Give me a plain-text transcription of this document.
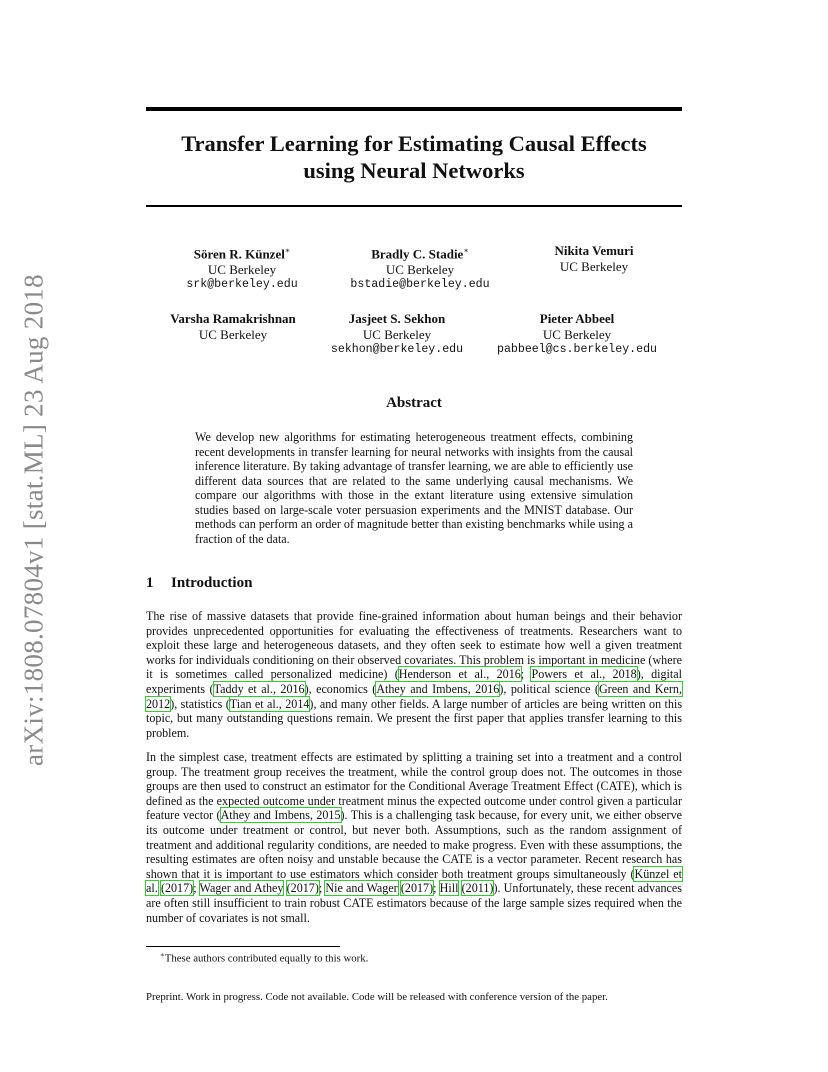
arXiv:1808.07804v1 [stat.ML] 23 Aug 2018
Transfer Learning for Estimating Causal Effects
using Neural Networks
Sören R. Künzel∗
UC Berkeley
srk@berkeley.edu
Bradly C. Stadie∗
UC Berkeley
bstadie@berkeley.edu
Nikita Vemuri
UC Berkeley
Varsha Ramakrishnan
UC Berkeley
Jasjeet S. Sekhon
UC Berkeley
sekhon@berkeley.edu
Pieter Abbeel
UC Berkeley
pabbeel@cs.berkeley.edu
Abstract

We develop new algorithms for estimating heterogeneous treatment effects, combining recent developments in transfer learning for neural networks with insights from the causal inference literature. By taking advantage of transfer learning, we are able to efficiently use different data sources that are related to the same underlying causal mechanisms. We compare our algorithms with those in the extant literature using extensive simulation studies based on large-scale voter persuasion experiments and the MNIST database. Our methods can perform an order of magnitude better than existing benchmarks while using a fraction of the data.

1 Introduction

The rise of massive datasets that provide fine-grained information about human beings and their behavior provides unprecedented opportunities for evaluating the effectiveness of treatments. Researchers want to exploit these large and heterogeneous datasets, and they often seek to estimate how well a given treatment works for individuals conditioning on their observed covariates. This problem is important in medicine (where it is sometimes called personalized medicine) (Henderson et al., 2016; Powers et al., 2018), digital experiments (Taddy et al., 2016), economics (Athey and Imbens, 2016), political science (Green and Kern, 2012), statistics (Tian et al., 2014), and many other fields. A large number of articles are being written on this topic, but many outstanding questions remain. We present the first paper that applies transfer learning to this problem.

In the simplest case, treatment effects are estimated by splitting a training set into a treatment and a control group. The treatment group receives the treatment, while the control group does not. The outcomes in those groups are then used to construct an estimator for the Conditional Average Treatment Effect (CATE), which is defined as the expected outcome under treatment minus the expected outcome under control given a particular feature vector (Athey and Imbens, 2015). This is a challenging task because, for every unit, we either observe its outcome under treatment or control, but never both. Assumptions, such as the random assignment of treatment and additional regularity conditions, are needed to make progress. Even with these assumptions, the resulting estimates are often noisy and unstable because the CATE is a vector parameter. Recent research has shown that it is important to use estimators which consider both treatment groups simultaneously (Künzel et al. (2017); Wager and Athey (2017); Nie and Wager (2017); Hill (2011)). Unfortunately, these recent advances are often still insufficient to train robust CATE estimators because of the large sample sizes required when the number of covariates is not small.

∗These authors contributed equally to this work.

Preprint. Work in progress. Code not available. Code will be released with conference version of the paper.
